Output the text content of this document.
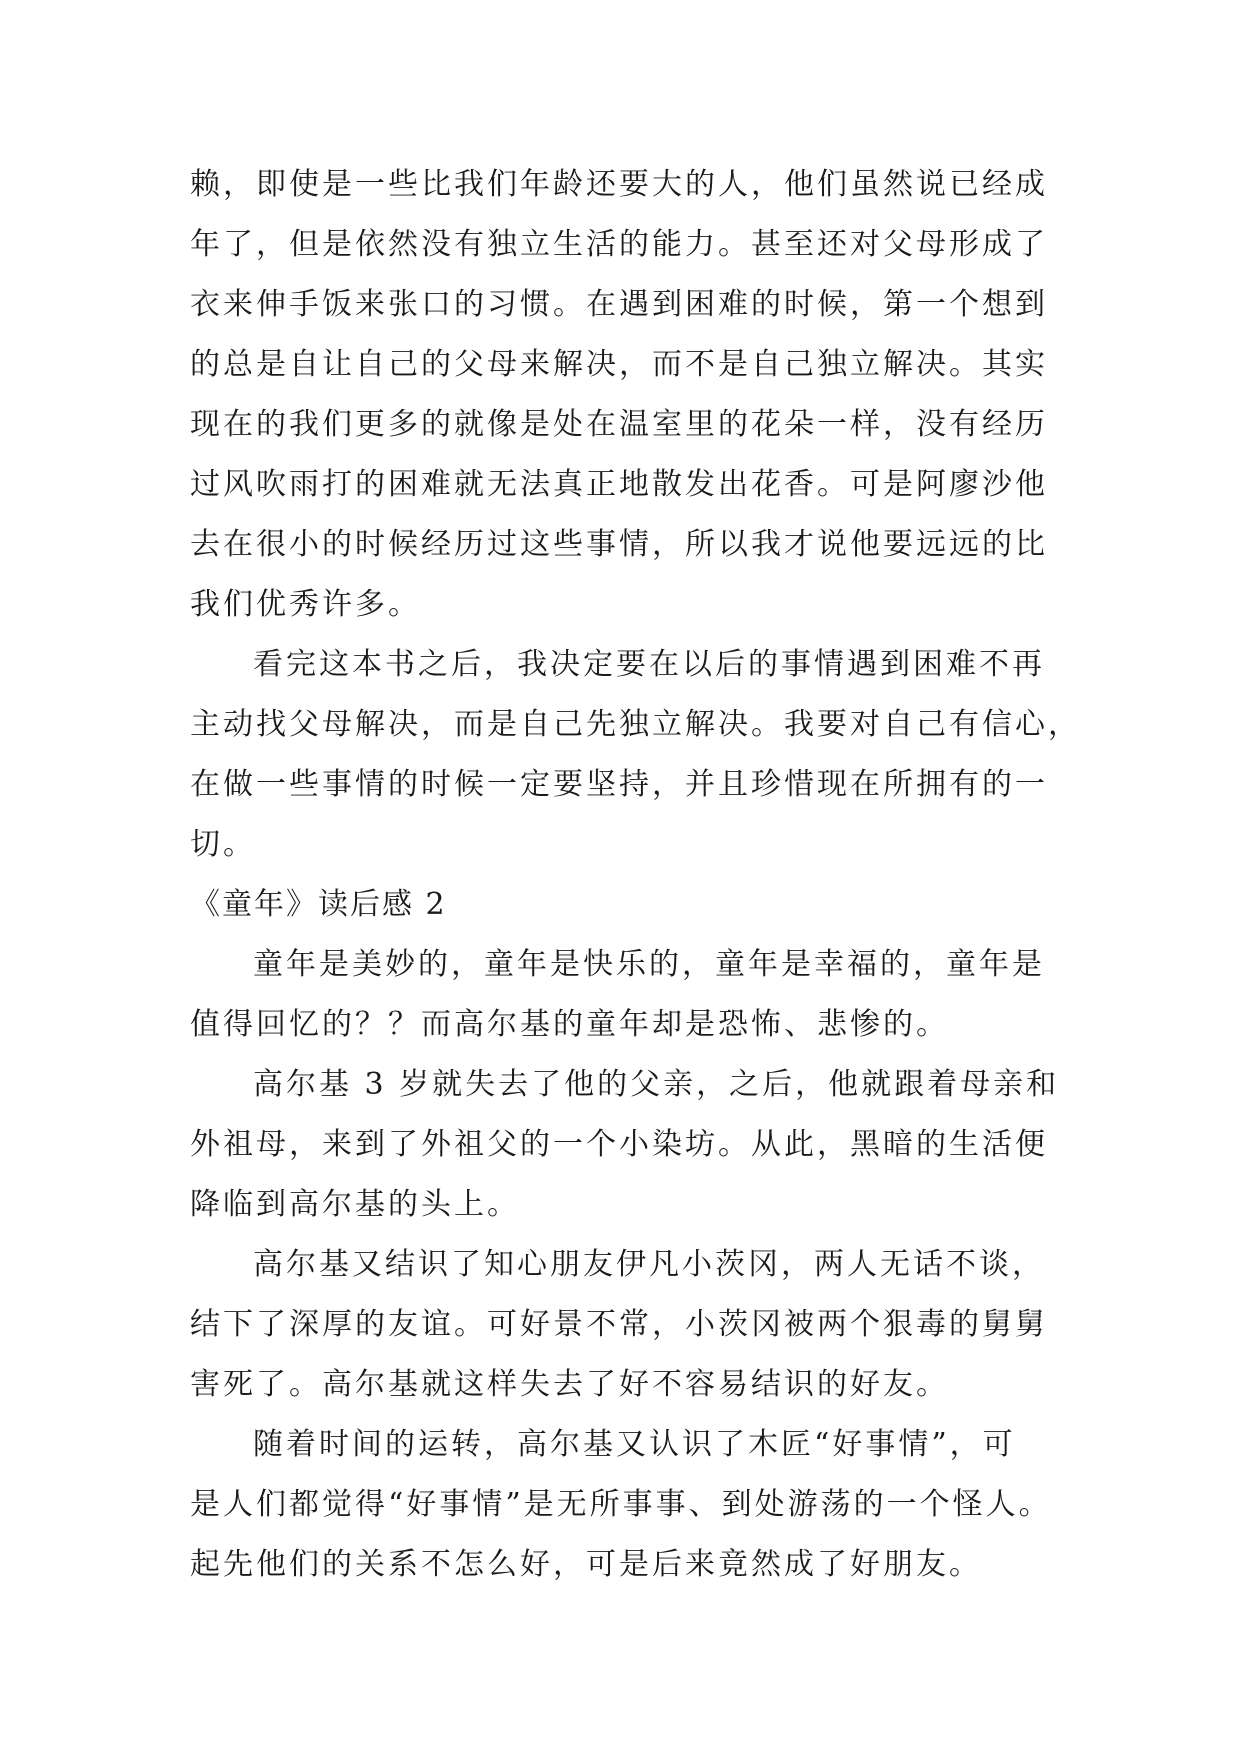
赖，即使是一些比我们年龄还要大的人，他们虽然说已经成
年了，但是依然没有独立生活的能力。甚至还对父母形成了
衣来伸手饭来张口的习惯。在遇到困难的时候，第一个想到
的总是自让自己的父母来解决，而不是自己独立解决。其实
现在的我们更多的就像是处在温室里的花朵一样，没有经历
过风吹雨打的困难就无法真正地散发出花香。可是阿廖沙他
去在很小的时候经历过这些事情，所以我才说他要远远的比
我们优秀许多。
看完这本书之后，我决定要在以后的事情遇到困难不再
主动找父母解决，而是自己先独立解决。我要对自己有信心，
在做一些事情的时候一定要坚持，并且珍惜现在所拥有的一
切。
《童年》读后感 2
童年是美妙的，童年是快乐的，童年是幸福的，童年是
值得回忆的？？而高尔基的童年却是恐怖、悲惨的。
高尔基 3 岁就失去了他的父亲，之后，他就跟着母亲和
外祖母，来到了外祖父的一个小染坊。从此，黑暗的生活便
降临到高尔基的头上。
高尔基又结识了知心朋友伊凡小茨冈，两人无话不谈，
结下了深厚的友谊。可好景不常，小茨冈被两个狠毒的舅舅
害死了。高尔基就这样失去了好不容易结识的好友。
随着时间的运转，高尔基又认识了木匠“好事情”，可
是人们都觉得“好事情”是无所事事、到处游荡的一个怪人。
起先他们的关系不怎么好，可是后来竟然成了好朋友。
